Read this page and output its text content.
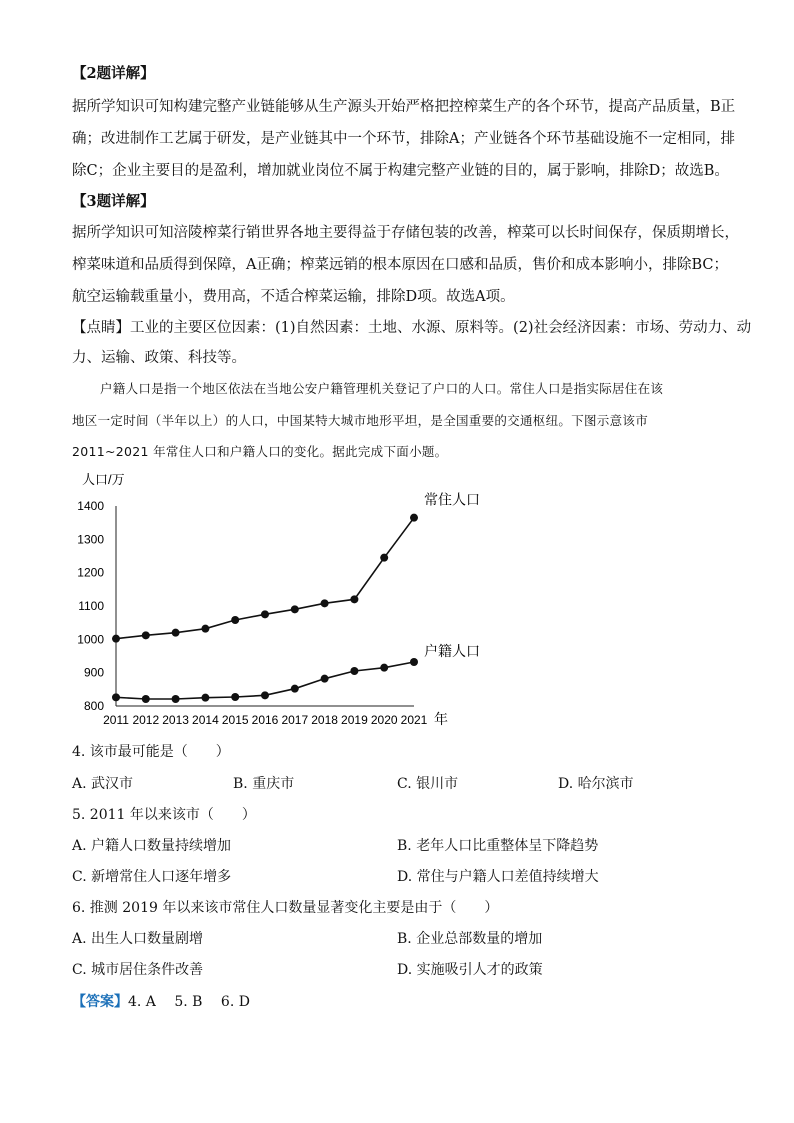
【2题详解】
据所学知识可知构建完整产业链能够从生产源头开始严格把控榨菜生产的各个环节，提高产品质量，B正
确；改进制作工艺属于研发，是产业链其中一个环节，排除A；产业链各个环节基础设施不一定相同，排
除C；企业主要目的是盈利，增加就业岗位不属于构建完整产业链的目的，属于影响，排除D；故选B。
【3题详解】
据所学知识可知涪陵榨菜行销世界各地主要得益于存储包装的改善，榨菜可以长时间保存，保质期增长，
榨菜味道和品质得到保障，A正确；榨菜远销的根本原因在口感和品质，售价和成本影响小，排除BC；
航空运输载重量小，费用高，不适合榨菜运输，排除D项。故选A项。
【点睛】工业的主要区位因素：(1)自然因素：土地、水源、原料等。(2)社会经济因素：市场、劳动力、动
力、运输、政策、科技等。
户籍人口是指一个地区依法在当地公安户籍管理机关登记了户口的人口。常住人口是指实际居住在该
地区一定时间（半年以上）的人口，中国某特大城市地形平坦，是全国重要的交通枢纽。下图示意该市
2011~2021 年常住人口和户籍人口的变化。据此完成下面小题。
人口/万
800
900
1000
1100
1200
1300
1400
2011 2012 2013 2014 2015 2016 2017 2018 2019 2020 2021
常住人口
户籍人口
年
4. 该市最可能是（　　）
A. 武汉市	B. 重庆市	C. 银川市	D. 哈尔滨市
5. 2011 年以来该市（　　）
A. 户籍人口数量持续增加	B. 老年人口比重整体呈下降趋势
C. 新增常住人口逐年增多	D. 常住与户籍人口差值持续增大
6. 推测 2019 年以来该市常住人口数量显著变化主要是由于（　　）
A. 出生人口数量剧增	B. 企业总部数量的增加
C. 城市居住条件改善	D. 实施吸引人才的政策
【答案】4. A　 5. B　 6. D
